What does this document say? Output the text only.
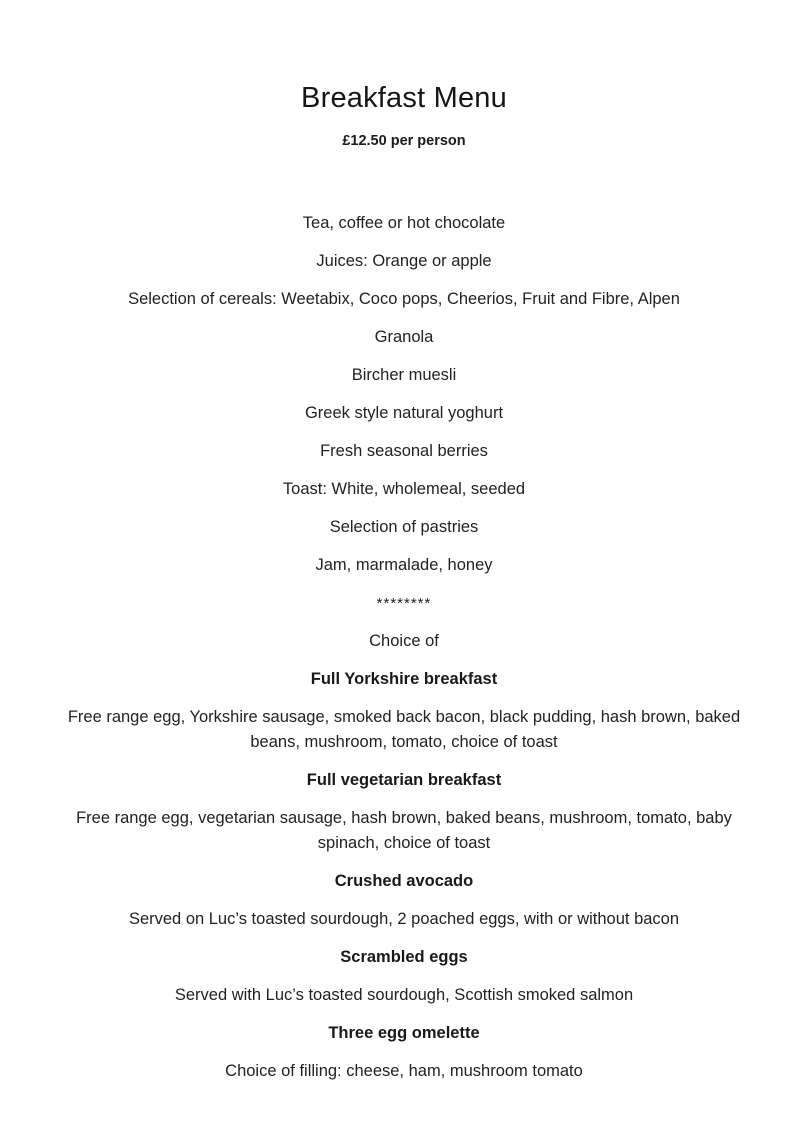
Breakfast Menu

£12.50 per person

Tea, coffee or hot chocolate

Juices: Orange or apple

Selection of cereals: Weetabix, Coco pops, Cheerios, Fruit and Fibre, Alpen

Granola

Bircher muesli

Greek style natural yoghurt

Fresh seasonal berries

Toast: White, wholemeal, seeded

Selection of pastries

Jam, marmalade, honey

********

Choice of

Full Yorkshire breakfast

Free range egg, Yorkshire sausage, smoked back bacon, black pudding, hash brown, baked beans, mushroom, tomato, choice of toast

Full vegetarian breakfast

Free range egg, vegetarian sausage, hash brown, baked beans, mushroom, tomato, baby spinach, choice of toast

Crushed avocado

Served on Luc’s toasted sourdough, 2 poached eggs, with or without bacon

Scrambled eggs

Served with Luc’s toasted sourdough, Scottish smoked salmon

Three egg omelette

Choice of filling: cheese, ham, mushroom tomato
